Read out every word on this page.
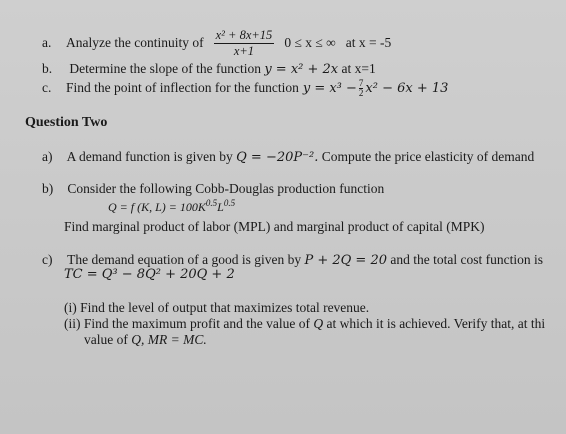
a.	Analyze the continuity of $\frac{\text{x² + 8x+15}}{x+1} 0 \le x$ ≤ ∞ at x = -5
b. Determine the slope of the function y = x² + 2x at x=1
c.	Find the point of inflection for the function $y = x^3 - \frac{7}{2} x^2 - 6x + 13$
Question Two
a) A demand function is given by Q = −20P⁻². Compute the price elasticity of demand
b) Consider the following Cobb-Douglas production function
Q = f (K, $L) = 100K^{0.5}L^{0.5}$
Find marginal product of labor (MPL) and marginal product of capital (MPK)
c) The demand equation of a good is given by P + 2Q = 20 and the total cost function is
TC = Q³ − 8Q² + 20Q + 2
(i) Find the level of output that maximizes total revenue.
(ii) Find the maximum profit and the value of Q at which it is achieved. Verify that, at thi
value of Q, MR = MC.
